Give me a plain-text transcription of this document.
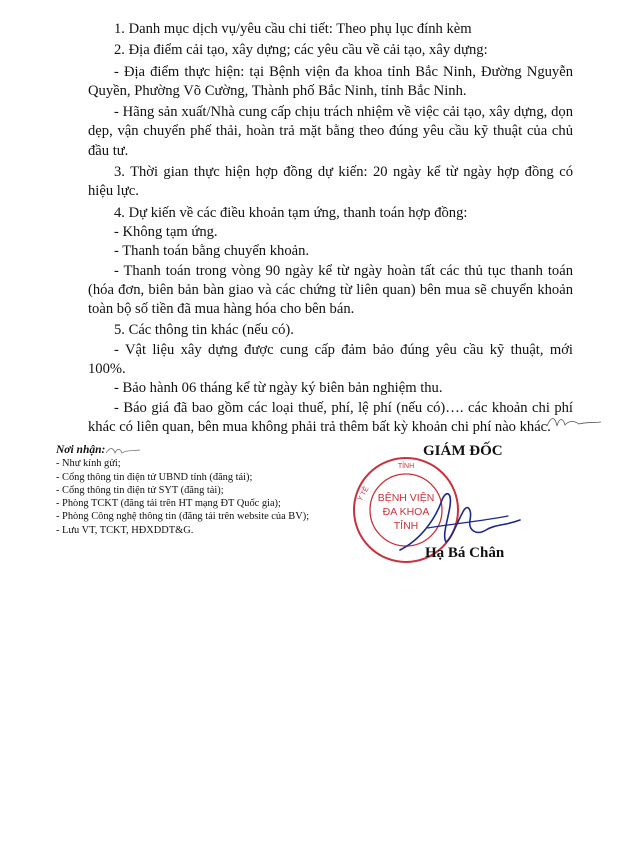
1. Danh mục dịch vụ/yêu cầu chi tiết: Theo phụ lục đính kèm

2. Địa điểm cải tạo, xây dựng; các yêu cầu về cải tạo, xây dựng:

- Địa điểm thực hiện: tại Bệnh viện đa khoa tỉnh Bắc Ninh, Đường Nguyễn Quyền, Phường Võ Cường, Thành phố Bắc Ninh, tỉnh Bắc Ninh.

- Hãng sản xuất/Nhà cung cấp chịu trách nhiệm về việc cải tạo, xây dựng, dọn dẹp, vận chuyển phế thải, hoàn trả mặt bằng theo đúng yêu cầu kỹ thuật của chủ đầu tư.

3. Thời gian thực hiện hợp đồng dự kiến: 20 ngày kể từ ngày hợp đồng có hiệu lực.

4. Dự kiến về các điều khoản tạm ứng, thanh toán hợp đồng:

- Không tạm ứng.

- Thanh toán bằng chuyển khoản.

- Thanh toán trong vòng 90 ngày kể từ ngày hoàn tất các thủ tục thanh toán (hóa đơn, biên bản bàn giao và các chứng từ liên quan) bên mua sẽ chuyển khoản toàn bộ số tiền đã mua hàng hóa cho bên bán.

5. Các thông tin khác (nếu có).

- Vật liệu xây dựng được cung cấp đảm bảo đúng yêu cầu kỹ thuật, mới 100%.

- Bảo hành 06 tháng kể từ ngày ký biên bản nghiệm thu.

- Báo giá đã bao gồm các loại thuế, phí, lệ phí (nếu có)…. các khoản chi phí khác có liên quan, bên mua không phải trả thêm bất kỳ khoản chi phí nào khác.

Nơi nhận:
- Như kính gửi;
- Cổng thông tin điện tử UBND tỉnh (đăng tải);
- Cổng thông tin điện tử SYT (đăng tải);
- Phòng TCKT (đăng tải trên HT mạng ĐT Quốc gia);
- Phòng Công nghệ thông tin (đăng tải trên website của BV);
- Lưu VT, TCKT, HĐXDDT&G.
GIÁM ĐỐC
BỆNH VIỆN
ĐA KHOA
TỈNH
TỈNH
Y TẾ
Hạ Bá Chân
